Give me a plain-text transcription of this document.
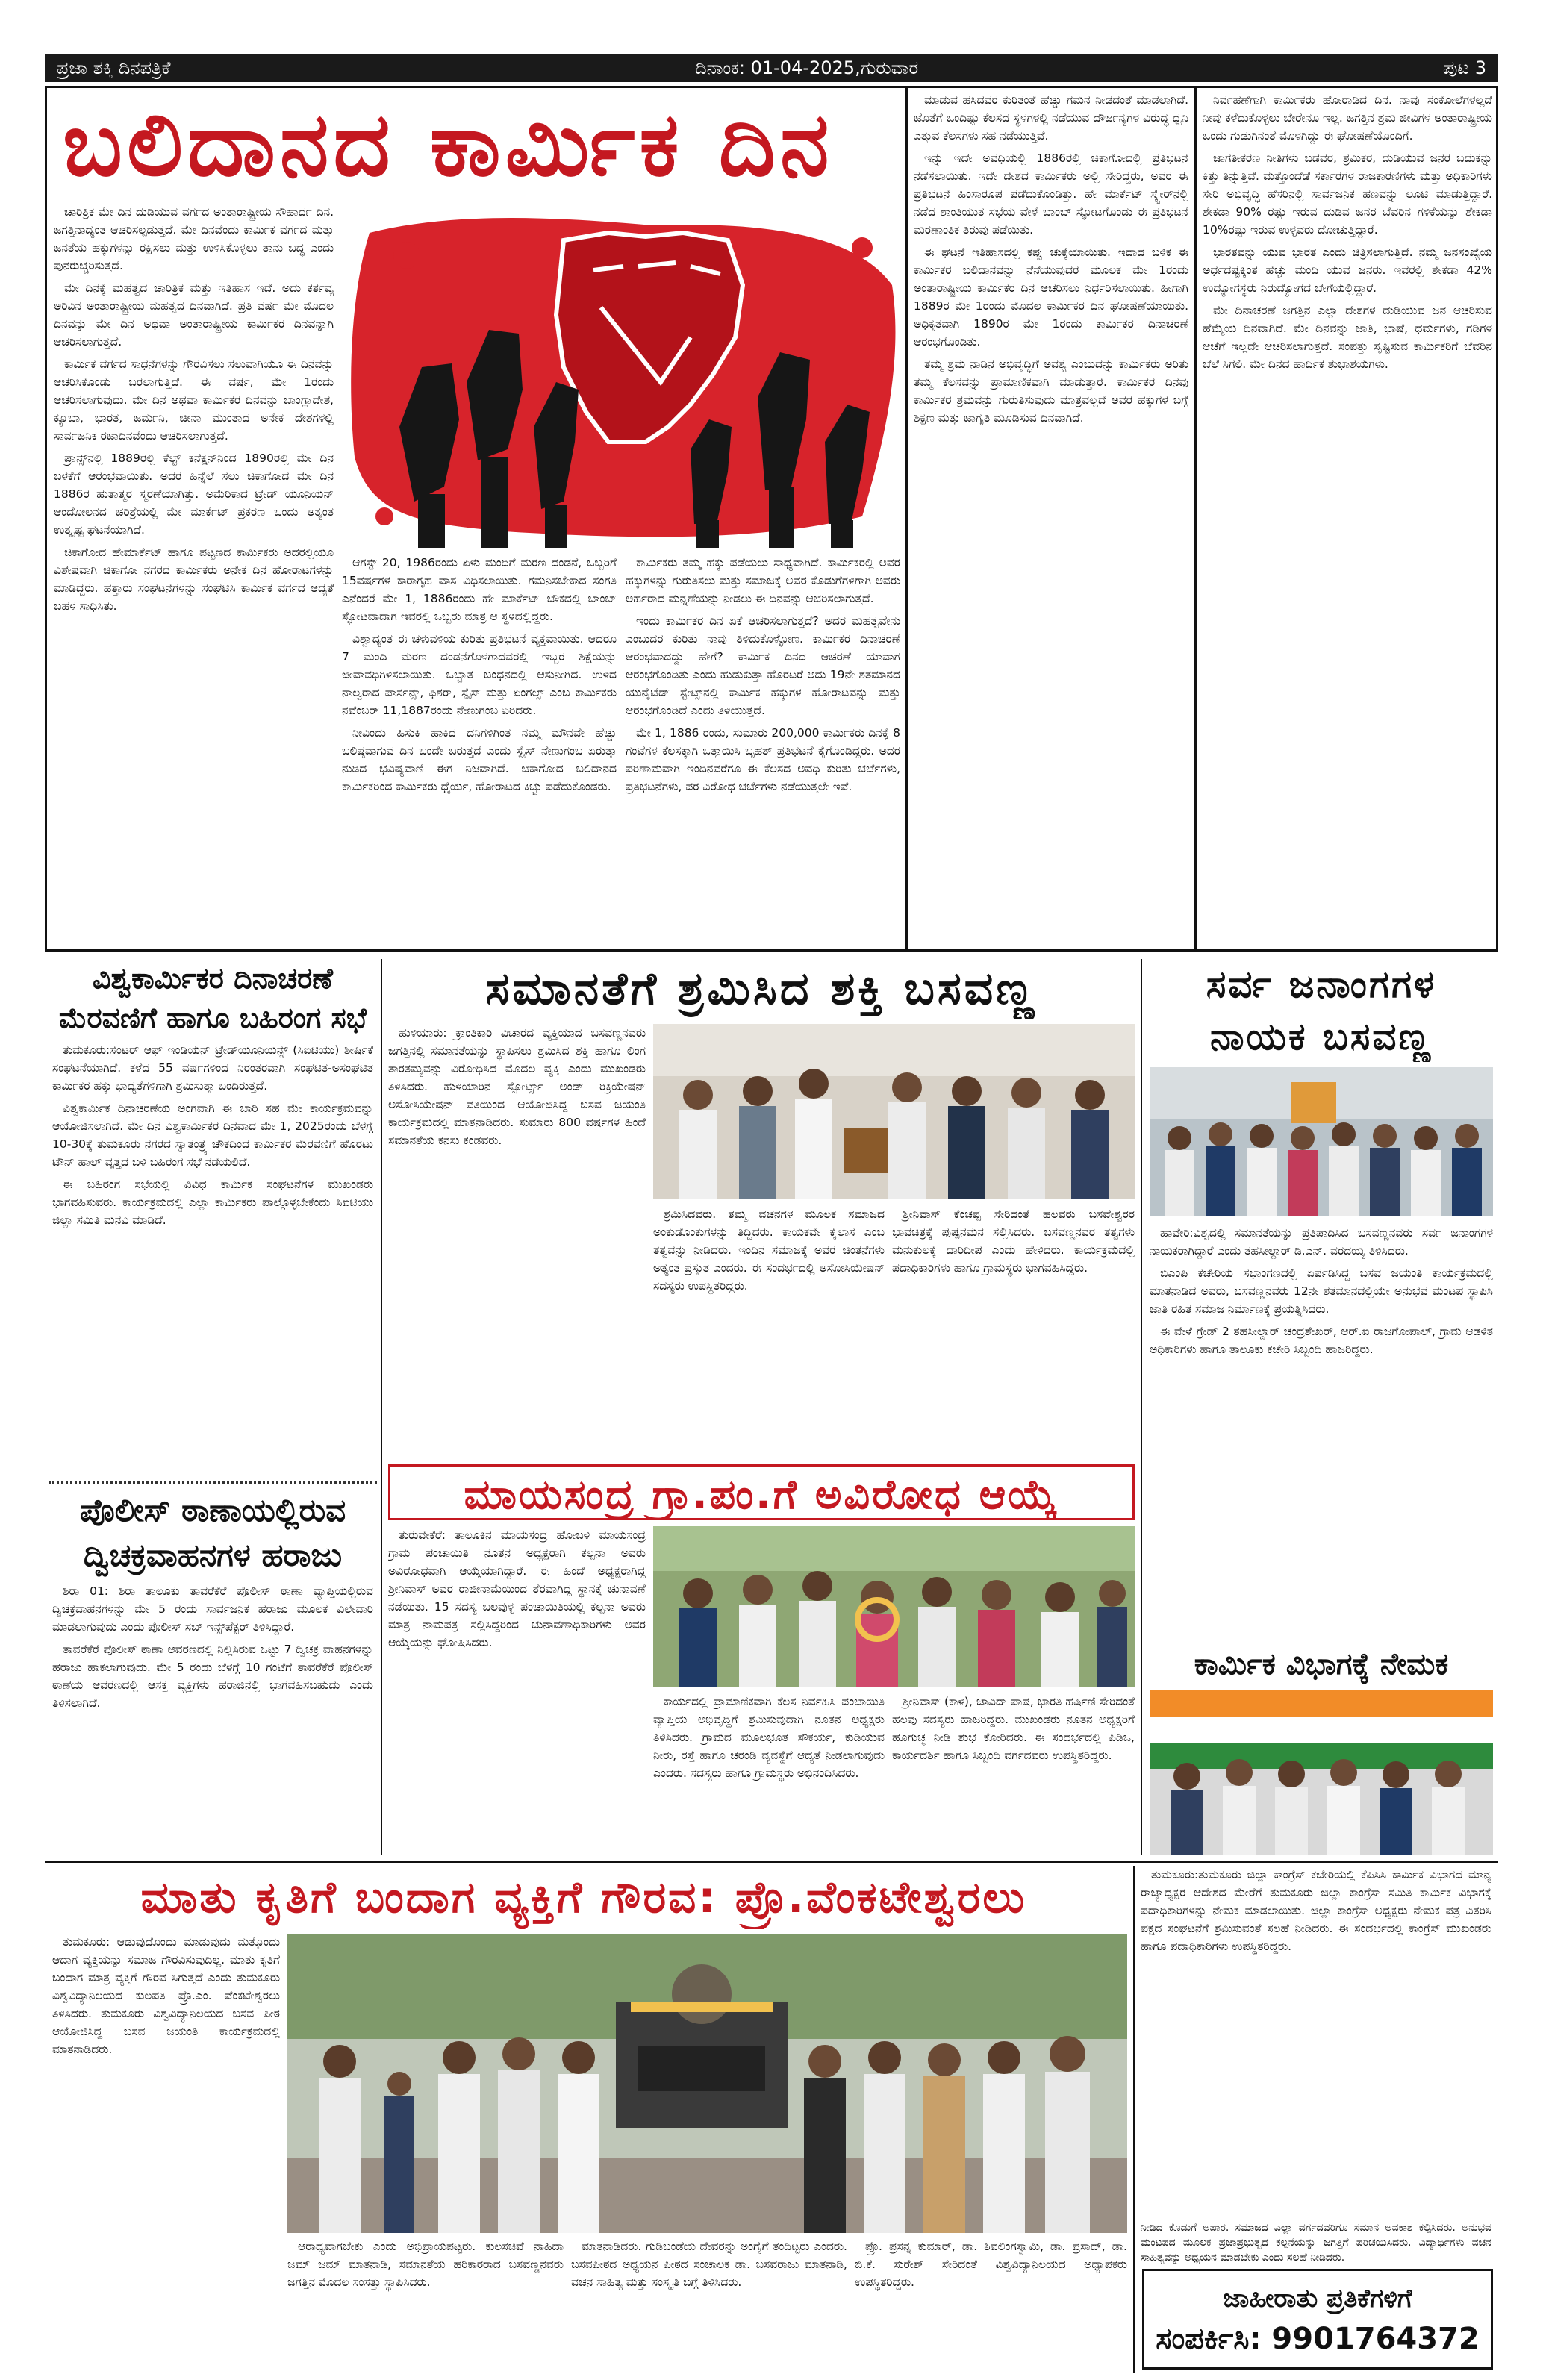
ಪ್ರಜಾ ಶಕ್ತಿ ದಿನಪತ್ರಿಕೆ	ದಿನಾಂಕ: 01-04-2025,ಗುರುವಾರ	ಪುಟ 3
ಬಲಿದಾನದ ಕಾರ್ಮಿಕ ದಿನ

ಚಾರಿತ್ರಿಕ ಮೇ ದಿನ ದುಡಿಯುವ ವರ್ಗದ ಅಂತಾರಾಷ್ಟ್ರೀಯ ಸೌಹಾರ್ದ ದಿನ. ಜಗತ್ತಿನಾದ್ಯಂತ ಆಚರಿಸಲ್ಪಡುತ್ತದೆ. ಮೇ ದಿನವೆಂದು ಕಾರ್ಮಿಕ ವರ್ಗದ ಮತ್ತು ಜನತೆಯ ಹಕ್ಕುಗಳನ್ನು ರಕ್ಷಿಸಲು ಮತ್ತು ಉಳಿಸಿಕೊಳ್ಳಲು ತಾನು ಬದ್ಧ ಎಂದು ಪುನರುಚ್ಚರಿಸುತ್ತದೆ.

ಮೇ ದಿನಕ್ಕೆ ಮಹತ್ವದ ಚಾರಿತ್ರಿಕ ಮತ್ತು ಇತಿಹಾಸ ಇದೆ. ಅದು ಕರ್ತವ್ಯ ಅರಿವಿನ ಅಂತಾರಾಷ್ಟ್ರೀಯ ಮಹತ್ವದ ದಿನವಾಗಿದೆ. ಪ್ರತಿ ವರ್ಷ ಮೇ ಮೊದಲ ದಿನವನ್ನು ಮೇ ದಿನ ಅಥವಾ ಅಂತಾರಾಷ್ಟ್ರೀಯ ಕಾರ್ಮಿಕರ ದಿನವನ್ನಾಗಿ ಆಚರಿಸಲಾಗುತ್ತದೆ.

ಕಾರ್ಮಿಕ ವರ್ಗದ ಸಾಧನೆಗಳನ್ನು ಗೌರವಿಸಲು ಸಲುವಾಗಿಯೂ ಈ ದಿನವನ್ನು ಆಚರಿಸಿಕೊಂಡು ಬರಲಾಗುತ್ತಿದೆ. ಈ ವರ್ಷ, ಮೇ 1ರಂದು ಆಚರಿಸಲಾಗುವುದು. ಮೇ ದಿನ ಅಥವಾ ಕಾರ್ಮಿಕರ ದಿನವನ್ನು ಬಾಂಗ್ಲಾದೇಶ, ಕ್ಯೂಬಾ, ಭಾರತ, ಜರ್ಮನಿ, ಚೀನಾ ಮುಂತಾದ ಅನೇಕ ದೇಶಗಳಲ್ಲಿ ಸಾರ್ವಜನಿಕ ರಜಾದಿನವೆಂದು ಆಚರಿಸಲಾಗುತ್ತದೆ.

ಪ್ರಾನ್ಸ್‌ನಲ್ಲಿ 1889ರಲ್ಲಿ ಕೆಲ್ಟ್ ಕನೆಕ್ಷನ್‌ನಿಂದ 1890ರಲ್ಲಿ ಮೇ ದಿನ ಬಳಕೆಗೆ ಆರಂಭವಾಯಿತು. ಅದರ ಹಿನ್ನೆಲೆ ಸಲು ಚಿಕಾಗೋದ ಮೇ ದಿನ 1886ರ ಹುತಾತ್ಮರ ಸ್ಮರಣೆಯಾಗಿತ್ತು. ಅಮೆರಿಕಾದ ಟ್ರೇಡ್ ಯೂನಿಯನ್ ಆಂದೋಲನದ ಚರಿತ್ರೆಯಲ್ಲಿ ಮೇ ಮಾರ್ಕೆಟ್ ಪ್ರಕರಣ ಒಂದು ಅತ್ಯಂತ ಉತ್ಕೃಷ್ಟ ಘಟನೆಯಾಗಿದೆ.

ಚಿಕಾಗೋದ ಹೇಮಾರ್ಕೆಟ್ ಹಾಗೂ ಪಟ್ಟಣದ ಕಾರ್ಮಿಕರು ಅದರಲ್ಲಿಯೂ ವಿಶೇಷವಾಗಿ ಚಿಕಾಗೋ ನಗರದ ಕಾರ್ಮಿಕರು ಅನೇಕ ದಿನ ಹೋರಾಟಗಳನ್ನು ಮಾಡಿದ್ದರು. ಹತ್ತಾರು ಸಂಘಟನೆಗಳನ್ನು ಸಂಘಟಿಸಿ ಕಾರ್ಮಿಕ ವರ್ಗದ ಆದ್ಯತೆ ಬಹಳ ಸಾಧಿಸಿತು.

ಆಗಸ್ಟ್ 20, 1986ರಂದು ಏಳು ಮಂದಿಗೆ ಮರಣ ದಂಡನೆ, ಒಬ್ಬರಿಗೆ 15ವರ್ಷಗಳ ಕಾರಾಗೃಹ ವಾಸ ವಿಧಿಸಲಾಯಿತು. ಗಮನಿಸಬೇಕಾದ ಸಂಗತಿ ಎನೆಂದರೆ ಮೇ 1, 1886ರಂದು ಹೇ ಮಾರ್ಕೆಟ್ ಚೌಕದಲ್ಲಿ ಬಾಂಬ್ ಸ್ಫೋಟವಾದಾಗ ಇವರಲ್ಲಿ ಒಬ್ಬರು ಮಾತ್ರ ಆ ಸ್ಥಳದಲ್ಲಿದ್ದರು.

ವಿಶ್ವಾದ್ಯಂತ ಈ ಚಳುವಳಿಯ ಕುರಿತು ಪ್ರತಿಭಟನೆ ವ್ಯಕ್ತವಾಯಿತು. ಆದರೂ 7 ಮಂದಿ ಮರಣ ದಂಡನೆಗೊಳಗಾದವರಲ್ಲಿ ಇಬ್ಬರ ಶಿಕ್ಷೆಯನ್ನು ಜೀವಾವಧಿಗಿಳಿಸಲಾಯಿತು. ಒಬ್ಬಾತ ಬಂಧನದಲ್ಲಿ ಆಸುನೀಗಿದ. ಉಳಿದ ನಾಲ್ವರಾದ ಪಾರ್ಸನ್ಸ್, ಫಿಶರ್, ಸ್ಪೈಸ್ ಮತ್ತು ಏಂಗಲ್ಸ್ ಎಂಬ ಕಾರ್ಮಿಕರು ನವೆಂಬರ್ 11,1887ರಂದು ನೇಣುಗಂಬ ಏರಿದರು.

ನೀವಿಂದು ಹಿಸುಕಿ ಹಾಕಿದ ದನಿಗಳಿಗಿಂತ ನಮ್ಮ ಮೌನವೇ ಹೆಚ್ಚು ಬಲಿಷ್ಠವಾಗುವ ದಿನ ಬಂದೇ ಬರುತ್ತದೆ ಎಂದು ಸ್ಪೈಸ್ ನೇಣುಗಂಬ ಏರುತ್ತಾ ನುಡಿದ ಭವಿಷ್ಯವಾಣಿ ಈಗ ನಿಜವಾಗಿದೆ. ಚಿಕಾಗೋದ ಬಲಿದಾನದ ಕಾರ್ಮಿಕರಿಂದ ಕಾರ್ಮಿಕರು ಧೈರ್ಯ, ಹೋರಾಟದ ಕಿಚ್ಚು ಪಡೆದುಕೊಂಡರು.

ಕಾರ್ಮಿಕರು ತಮ್ಮ ಹಕ್ಕು ಪಡೆಯಲು ಸಾಧ್ಯವಾಗಿದೆ. ಕಾರ್ಮಿಕರಲ್ಲಿ ಅವರ ಹಕ್ಕುಗಳನ್ನು ಗುರುತಿಸಲು ಮತ್ತು ಸಮಾಜಕ್ಕೆ ಅವರ ಕೊಡುಗೆಗಳಿಗಾಗಿ ಅವರು ಅರ್ಹರಾದ ಮನ್ನಣೆಯನ್ನು ನೀಡಲು ಈ ದಿನವನ್ನು ಆಚರಿಸಲಾಗುತ್ತದೆ.

ಇಂದು ಕಾರ್ಮಿಕರ ದಿನ ಏಕೆ ಆಚರಿಸಲಾಗುತ್ತದೆ? ಅದರ ಮಹತ್ವವೇನು ಎಂಬುದರ ಕುರಿತು ನಾವು ತಿಳಿದುಕೊಳ್ಳೋಣ. ಕಾರ್ಮಿಕರ ದಿನಾಚರಣೆ ಆರಂಭವಾದದ್ದು ಹೇಗೆ? ಕಾರ್ಮಿಕ ದಿನದ ಆಚರಣೆ ಯಾವಾಗ ಆರಂಭಗೊಂಡಿತು ಎಂದು ಹುಡುಕುತ್ತಾ ಹೊರಟರೆ ಅದು 19ನೇ ಶತಮಾನದ ಯುನೈಟೆಡ್ ಸ್ಟೇಟ್ಸ್‌ನಲ್ಲಿ ಕಾರ್ಮಿಕ ಹಕ್ಕುಗಳ ಹೋರಾಟವನ್ನು ಮತ್ತು ಆರಂಭಗೊಂಡಿದೆ ಎಂದು ತಿಳಿಯುತ್ತದೆ.

ಮೇ 1, 1886 ರಂದು, ಸುಮಾರು 200,000 ಕಾರ್ಮಿಕರು ದಿನಕ್ಕೆ 8 ಗಂಟೆಗಳ ಕೆಲಸಕ್ಕಾಗಿ ಒತ್ತಾಯಿಸಿ ಬೃಹತ್ ಪ್ರತಿಭಟನೆ ಕೈಗೊಂಡಿದ್ದರು. ಅದರ ಪರಿಣಾಮವಾಗಿ ಇಂದಿನವರೆಗೂ ಈ ಕೆಲಸದ ಅವಧಿ ಕುರಿತು ಚರ್ಚೆಗಳು, ಪ್ರತಿಭಟನೆಗಳು, ಪರ ವಿರೋಧ ಚರ್ಚೆಗಳು ನಡೆಯುತ್ತಲೇ ಇವೆ.

ಮಾಡುವ ಹಸಿದವರ ಕುರಿತಂತೆ ಹೆಚ್ಚು ಗಮನ ನೀಡದಂತೆ ಮಾಡಲಾಗಿದೆ. ಜೊತೆಗೆ ಒಂದಿಷ್ಟು ಕೆಲಸದ ಸ್ಥಳಗಳಲ್ಲಿ ನಡೆಯುವ ದೌರ್ಜನ್ಯಗಳ ವಿರುದ್ಧ ಧ್ವನಿ ಎತ್ತುವ ಕೆಲಸಗಳು ಸಹ ನಡೆಯುತ್ತಿವೆ.

ಇನ್ನು ಇದೇ ಅವಧಿಯಲ್ಲಿ 1886ರಲ್ಲಿ ಚಿಕಾಗೋದಲ್ಲಿ ಪ್ರತಿಭಟನೆ ನಡೆಸಲಾಯಿತು. ಇದೇ ದೇಶದ ಕಾರ್ಮಿಕರು ಅಲ್ಲಿ ಸೇರಿದ್ದರು, ಅವರ ಈ ಪ್ರತಿಭಟನೆ ಹಿಂಸಾರೂಪ ಪಡೆದುಕೊಂಡಿತ್ತು. ಹೇ ಮಾರ್ಕೆಟ್ ಸ್ಕ್ವೇರ್‌ನಲ್ಲಿ ನಡೆದ ಶಾಂತಿಯುತ ಸಭೆಯ ವೇಳೆ ಬಾಂಬ್ ಸ್ಫೋಟಗೊಂಡು ಈ ಪ್ರತಿಭಟನೆ ಮರಣಾಂತಿಕ ತಿರುವು ಪಡೆಯಿತು.

ಈ ಘಟನೆ ಇತಿಹಾಸದಲ್ಲಿ ಕಪ್ಪು ಚುಕ್ಕೆಯಾಯಿತು. ಇದಾದ ಬಳಿಕ ಈ ಕಾರ್ಮಿಕರ ಬಲಿದಾನವನ್ನು ನೆನೆಯುವುದರ ಮೂಲಕ ಮೇ 1ರಂದು ಅಂತಾರಾಷ್ಟ್ರೀಯ ಕಾರ್ಮಿಕರ ದಿನ ಆಚರಿಸಲು ನಿರ್ಧರಿಸಲಾಯಿತು. ಹೀಗಾಗಿ 1889ರ ಮೇ 1ರಂದು ಮೊದಲ ಕಾರ್ಮಿಕರ ದಿನ ಘೋಷಣೆಯಾಯಿತು. ಅಧಿಕೃತವಾಗಿ 1890ರ ಮೇ 1ರಂದು ಕಾರ್ಮಿಕರ ದಿನಾಚರಣೆ ಆರಂಭಗೊಂಡಿತು.

ತಮ್ಮ ಶ್ರಮ ನಾಡಿನ ಅಭಿವೃದ್ಧಿಗೆ ಅವಶ್ಯ ಎಂಬುದನ್ನು ಕಾರ್ಮಿಕರು ಅರಿತು ತಮ್ಮ ಕೆಲಸವನ್ನು ಪ್ರಾಮಾಣಿಕವಾಗಿ ಮಾಡುತ್ತಾರೆ. ಕಾರ್ಮಿಕರ ದಿನವು ಕಾರ್ಮಿಕರ ಶ್ರಮವನ್ನು ಗುರುತಿಸುವುದು ಮಾತ್ರವಲ್ಲದೆ ಅವರ ಹಕ್ಕುಗಳ ಬಗ್ಗೆ ಶಿಕ್ಷಣ ಮತ್ತು ಜಾಗೃತಿ ಮೂಡಿಸುವ ದಿನವಾಗಿದೆ.

ನಿರ್ವಹಣೆಗಾಗಿ ಕಾರ್ಮಿಕರು ಹೋರಾಡಿದ ದಿನ. ನಾವು ಸಂಕೋಲೆಗಳಲ್ಲದೆ ನೀವು ಕಳೆದುಕೊಳ್ಳಲು ಬೇರೇನೂ ಇಲ್ಲ. ಜಗತ್ತಿನ ಶ್ರಮ ಜೀವಿಗಳ ಅಂತಾರಾಷ್ಟ್ರೀಯ ಒಂದು ಗುಡುಗಿನಂತೆ ಮೊಳಗಿದ್ದು ಈ ಘೋಷಣೆಯೊಂದಿಗೆ.

ಜಾಗತೀಕರಣ ನೀತಿಗಳು ಬಡವರ, ಶ್ರಮಿಕರ, ದುಡಿಯುವ ಜನರ ಬದುಕನ್ನು ಕಿತ್ತು ತಿನ್ನುತ್ತಿವೆ. ಮತ್ತೊಂದೆಡೆ ಸರ್ಕಾರಗಳ ರಾಜಕಾರಣಿಗಳು ಮತ್ತು ಅಧಿಕಾರಿಗಳು ಸೇರಿ ಅಭಿವೃದ್ಧಿ ಹೆಸರಿನಲ್ಲಿ ಸಾರ್ವಜನಿಕ ಹಣವನ್ನು ಲೂಟಿ ಮಾಡುತ್ತಿದ್ದಾರೆ. ಶೇಕಡಾ 90% ರಷ್ಟು ಇರುವ ದುಡಿವ ಜನರ ಬೆವರಿನ ಗಳಿಕೆಯನ್ನು ಶೇಕಡಾ 10%ರಷ್ಟು ಇರುವ ಉಳ್ಳವರು ದೋಚುತ್ತಿದ್ದಾರೆ.

ಭಾರತವನ್ನು ಯುವ ಭಾರತ ಎಂದು ಚಿತ್ರಿಸಲಾಗುತ್ತಿದೆ. ನಮ್ಮ ಜನಸಂಖ್ಯೆಯ ಅರ್ಧದಷ್ಟಕ್ಕಿಂತ ಹೆಚ್ಚು ಮಂದಿ ಯುವ ಜನರು. ಇವರಲ್ಲಿ ಶೇಕಡಾ 42% ಉದ್ಯೋಗಸ್ಥರು ನಿರುದ್ಯೋಗದ ಬೇಗೆಯಲ್ಲಿದ್ದಾರೆ.

ಮೇ ದಿನಾಚರಣೆ ಜಗತ್ತಿನ ಎಲ್ಲಾ ದೇಶಗಳ ದುಡಿಯುವ ಜನ ಆಚರಿಸುವ ಹೆಮ್ಮೆಯ ದಿನವಾಗಿದೆ. ಮೇ ದಿನವನ್ನು ಜಾತಿ, ಭಾಷೆ, ಧರ್ಮಗಳು, ಗಡಿಗಳ ಆಚೆಗೆ ಇಲ್ಲದೇ ಆಚರಿಸಲಾಗುತ್ತದೆ. ಸಂಪತ್ತು ಸೃಷ್ಟಿಸುವ ಕಾರ್ಮಿಕರಿಗೆ ಬೆವರಿನ ಬೆಲೆ ಸಿಗಲಿ. ಮೇ ದಿನದ ಹಾರ್ದಿಕ ಶುಭಾಶಯಗಳು.

ವಿಶ್ವಕಾರ್ಮಿಕರ ದಿನಾಚರಣೆ
ಮೆರವಣಿಗೆ ಹಾಗೂ ಬಹಿರಂಗ ಸಭೆ

ತುಮಕೂರು:ಸೆಂಟರ್ ಆಫ್ ಇಂಡಿಯನ್ ಟ್ರೇಡ್‌ಯೂನಿಯನ್ಸ್ (ಸಿಐಟಿಯು) ಶೀರ್ಷಿಕೆ ಸಂಘಟನೆಯಾಗಿದೆ. ಕಳೆದ 55 ವರ್ಷಗಳಿಂದ ನಿರಂತರವಾಗಿ ಸಂಘಟಿತ-ಅಸಂಘಟಿತ ಕಾರ್ಮಿಕರ ಹಕ್ಕು ಭಾದ್ಯತೆಗಳಿಗಾಗಿ ಶ್ರಮಿಸುತ್ತಾ ಬಂದಿರುತ್ತದೆ.

ವಿಶ್ವಕಾರ್ಮಿಕ ದಿನಾಚರಣೆಯ ಅಂಗವಾಗಿ ಈ ಬಾರಿ ಸಹ ಮೇ ಕಾರ್ಯಕ್ರಮವನ್ನು ಆಯೋಜಿಸಲಾಗಿದೆ. ಮೇ ದಿನ ವಿಶ್ವಕಾರ್ಮಿಕರ ದಿನವಾದ ಮೇ 1, 2025ರಂದು ಬೆಳಗ್ಗೆ 10-30ಕ್ಕೆ ತುಮಕೂರು ನಗರದ ಸ್ವಾತಂತ್ರ್ಯ ಚೌಕದಿಂದ ಕಾರ್ಮಿಕರ ಮೆರವಣಿಗೆ ಹೊರಟು ಟೌನ್ ಹಾಲ್ ವೃತ್ತದ ಬಳಿ ಬಹಿರಂಗ ಸಭೆ ನಡೆಯಲಿದೆ.

ಈ ಬಹಿರಂಗ ಸಭೆಯಲ್ಲಿ ವಿವಿಧ ಕಾರ್ಮಿಕ ಸಂಘಟನೆಗಳ ಮುಖಂಡರು ಭಾಗವಹಿಸುವರು. ಕಾರ್ಯಕ್ರಮದಲ್ಲಿ ಎಲ್ಲಾ ಕಾರ್ಮಿಕರು ಪಾಲ್ಗೊಳ್ಳಬೇಕೆಂದು ಸಿಐಟಿಯು ಜಿಲ್ಲಾ ಸಮಿತಿ ಮನವಿ ಮಾಡಿದೆ.

ಪೊಲೀಸ್ ಠಾಣಾಯಲ್ಲಿರುವ
ದ್ವಿಚಕ್ರವಾಹನಗಳ ಹರಾಜು

ಶಿರಾ 01: ಶಿರಾ ತಾಲೂಕು ತಾವರೆಕೆರೆ ಪೊಲೀಸ್ ಠಾಣಾ ವ್ಯಾಪ್ತಿಯಲ್ಲಿರುವ ದ್ವಿಚಕ್ರವಾಹನಗಳನ್ನು ಮೇ 5 ರಂದು ಸಾರ್ವಜನಿಕ ಹರಾಜು ಮೂಲಕ ವಿಲೇವಾರಿ ಮಾಡಲಾಗುವುದು ಎಂದು ಪೊಲೀಸ್ ಸಬ್ ಇನ್ಸ್‌ಪೆಕ್ಟರ್ ತಿಳಿಸಿದ್ದಾರೆ.

ತಾವರೆಕೆರೆ ಪೊಲೀಸ್ ಠಾಣಾ ಆವರಣದಲ್ಲಿ ನಿಲ್ಲಿಸಿರುವ ಒಟ್ಟು 7 ದ್ವಿಚಕ್ರ ವಾಹನಗಳನ್ನು ಹರಾಜು ಹಾಕಲಾಗುವುದು. ಮೇ 5 ರಂದು ಬೆಳಗ್ಗೆ 10 ಗಂಟೆಗೆ ತಾವರೆಕೆರೆ ಪೊಲೀಸ್ ಠಾಣೆಯ ಆವರಣದಲ್ಲಿ ಆಸಕ್ತ ವ್ಯಕ್ತಿಗಳು ಹರಾಜಿನಲ್ಲಿ ಭಾಗವಹಿಸಬಹುದು ಎಂದು ತಿಳಿಸಲಾಗಿದೆ.

ಸಮಾನತೆಗೆ ಶ್ರಮಿಸಿದ ಶಕ್ತಿ ಬಸವಣ್ಣ

ಹುಳಿಯಾರು: ಕ್ರಾಂತಿಕಾರಿ ವಿಚಾರದ ವ್ಯಕ್ತಿಯಾದ ಬಸವಣ್ಣನವರು ಜಗತ್ತಿನಲ್ಲಿ ಸಮಾನತೆಯನ್ನು ಸ್ಥಾಪಿಸಲು ಶ್ರಮಿಸಿದ ಶಕ್ತಿ ಹಾಗೂ ಲಿಂಗ ತಾರತಮ್ಯವನ್ನು ವಿರೋಧಿಸಿದ ಮೊದಲ ವ್ಯಕ್ತಿ ಎಂದು ಮುಖಂಡರು ತಿಳಿಸಿದರು. ಹುಳಿಯಾರಿನ ಸ್ಪೋರ್ಟ್ಸ್ ಅಂಡ್ ರಿಕ್ರಿಯೇಷನ್ ಅಸೋಸಿಯೇಷನ್ ವತಿಯಿಂದ ಆಯೋಜಿಸಿದ್ದ ಬಸವ ಜಯಂತಿ ಕಾರ್ಯಕ್ರಮದಲ್ಲಿ ಮಾತನಾಡಿದರು. ಸುಮಾರು 800 ವರ್ಷಗಳ ಹಿಂದೆ ಸಮಾನತೆಯ ಕನಸು ಕಂಡವರು.

ಶ್ರಮಿಸಿದವರು. ತಮ್ಮ ವಚನಗಳ ಮೂಲಕ ಸಮಾಜದ ಅಂಕುಡೊಂಕುಗಳನ್ನು ತಿದ್ದಿದರು. ಕಾಯಕವೇ ಕೈಲಾಸ ಎಂಬ ತತ್ವವನ್ನು ನೀಡಿದರು. ಇಂದಿನ ಸಮಾಜಕ್ಕೆ ಅವರ ಚಿಂತನೆಗಳು ಅತ್ಯಂತ ಪ್ರಸ್ತುತ ಎಂದರು. ಈ ಸಂದರ್ಭದಲ್ಲಿ ಅಸೋಸಿಯೇಷನ್ ಸದಸ್ಯರು ಉಪಸ್ಥಿತರಿದ್ದರು.

ಶ್ರೀನಿವಾಸ್ ಕೆಂಚಪ್ಪ ಸೇರಿದಂತೆ ಹಲವರು ಬಸವೇಶ್ವರರ ಭಾವಚಿತ್ರಕ್ಕೆ ಪುಷ್ಪನಮನ ಸಲ್ಲಿಸಿದರು. ಬಸವಣ್ಣನವರ ತತ್ವಗಳು ಮನುಕುಲಕ್ಕೆ ದಾರಿದೀಪ ಎಂದು ಹೇಳಿದರು. ಕಾರ್ಯಕ್ರಮದಲ್ಲಿ ಪದಾಧಿಕಾರಿಗಳು ಹಾಗೂ ಗ್ರಾಮಸ್ಥರು ಭಾಗವಹಿಸಿದ್ದರು.

ಮಾಯಸಂದ್ರ ಗ್ರಾ.ಪಂ.ಗೆ ಅವಿರೋಧ ಆಯ್ಕೆ

ತುರುವೇಕೆರೆ: ತಾಲೂಕಿನ ಮಾಯಸಂದ್ರ ಹೋಬಳಿ ಮಾಯಸಂದ್ರ ಗ್ರಾಮ ಪಂಚಾಯಿತಿ ನೂತನ ಅಧ್ಯಕ್ಷರಾಗಿ ಕಲ್ಪನಾ ಅವರು ಅವಿರೋಧವಾಗಿ ಆಯ್ಕೆಯಾಗಿದ್ದಾರೆ. ಈ ಹಿಂದೆ ಅಧ್ಯಕ್ಷರಾಗಿದ್ದ ಶ್ರೀನಿವಾಸ್ ಅವರ ರಾಜೀನಾಮೆಯಿಂದ ತೆರವಾಗಿದ್ದ ಸ್ಥಾನಕ್ಕೆ ಚುನಾವಣೆ ನಡೆಯಿತು. 15 ಸದಸ್ಯ ಬಲವುಳ್ಳ ಪಂಚಾಯಿತಿಯಲ್ಲಿ ಕಲ್ಪನಾ ಅವರು ಮಾತ್ರ ನಾಮಪತ್ರ ಸಲ್ಲಿಸಿದ್ದರಿಂದ ಚುನಾವಣಾಧಿಕಾರಿಗಳು ಅವರ ಆಯ್ಕೆಯನ್ನು ಘೋಷಿಸಿದರು.

ಕಾರ್ಯದಲ್ಲಿ ಪ್ರಾಮಾಣಿಕವಾಗಿ ಕೆಲಸ ನಿರ್ವಹಿಸಿ ಪಂಚಾಯಿತಿ ವ್ಯಾಪ್ತಿಯ ಅಭಿವೃದ್ಧಿಗೆ ಶ್ರಮಿಸುವುದಾಗಿ ನೂತನ ಅಧ್ಯಕ್ಷರು ತಿಳಿಸಿದರು. ಗ್ರಾಮದ ಮೂಲಭೂತ ಸೌಕರ್ಯ, ಕುಡಿಯುವ ನೀರು, ರಸ್ತೆ ಹಾಗೂ ಚರಂಡಿ ವ್ಯವಸ್ಥೆಗೆ ಆದ್ಯತೆ ನೀಡಲಾಗುವುದು ಎಂದರು. ಸದಸ್ಯರು ಹಾಗೂ ಗ್ರಾಮಸ್ಥರು ಅಭಿನಂದಿಸಿದರು.

ಶ್ರೀನಿವಾಸ್ (ಕಾಳಿ), ಜಾವಿದ್ ಪಾಷ, ಭಾರತಿ ಹರ್ಷಿಣಿ ಸೇರಿದಂತೆ ಹಲವು ಸದಸ್ಯರು ಹಾಜರಿದ್ದರು. ಮುಖಂಡರು ನೂತನ ಅಧ್ಯಕ್ಷರಿಗೆ ಹೂಗುಚ್ಛ ನೀಡಿ ಶುಭ ಕೋರಿದರು. ಈ ಸಂದರ್ಭದಲ್ಲಿ ಪಿಡಿಒ, ಕಾರ್ಯದರ್ಶಿ ಹಾಗೂ ಸಿಬ್ಬಂದಿ ವರ್ಗದವರು ಉಪಸ್ಥಿತರಿದ್ದರು.

ಸರ್ವ ಜನಾಂಗಗಳ
ನಾಯಕ ಬಸವಣ್ಣ

ಹಾವೇರಿ:ವಿಶ್ವದಲ್ಲಿ ಸಮಾನತೆಯನ್ನು ಪ್ರತಿಪಾದಿಸಿದ ಬಸವಣ್ಣನವರು ಸರ್ವ ಜನಾಂಗಗಳ ನಾಯಕರಾಗಿದ್ದಾರೆ ಎಂದು ತಹಸೀಲ್ದಾರ್ ಡಿ.ಎನ್. ವರದಯ್ಯ ತಿಳಿಸಿದರು.

ಬಿಎಂಪಿ ಕಚೇರಿಯ ಸಭಾಂಗಣದಲ್ಲಿ ಏರ್ಪಡಿಸಿದ್ದ ಬಸವ ಜಯಂತಿ ಕಾರ್ಯಕ್ರಮದಲ್ಲಿ ಮಾತನಾಡಿದ ಅವರು, ಬಸವಣ್ಣನವರು 12ನೇ ಶತಮಾನದಲ್ಲಿಯೇ ಅನುಭವ ಮಂಟಪ ಸ್ಥಾಪಿಸಿ ಜಾತಿ ರಹಿತ ಸಮಾಜ ನಿರ್ಮಾಣಕ್ಕೆ ಪ್ರಯತ್ನಿಸಿದರು.

ಈ ವೇಳೆ ಗ್ರೇಡ್ 2 ತಹಸೀಲ್ದಾರ್ ಚಂದ್ರಶೇಖರ್, ಆರ್.ಐ ರಾಜಗೋಪಾಲ್, ಗ್ರಾಮ ಆಡಳಿತ ಅಧಿಕಾರಿಗಳು ಹಾಗೂ ತಾಲೂಕು ಕಚೇರಿ ಸಿಬ್ಬಂದಿ ಹಾಜರಿದ್ದರು.

ಕಾರ್ಮಿಕ ವಿಭಾಗಕ್ಕೆ ನೇಮಕ
ಮಾತು ಕೃತಿಗೆ ಬಂದಾಗ ವ್ಯಕ್ತಿಗೆ ಗೌರವ: ಪ್ರೊ.ವೆಂಕಟೇಶ್ವರಲು

ತುಮಕೂರು: ಆಡುವುದೊಂದು ಮಾಡುವುದು ಮತ್ತೊಂದು ಆದಾಗ ವ್ಯಕ್ತಿಯನ್ನು ಸಮಾಜ ಗೌರವಿಸುವುದಿಲ್ಲ. ಮಾತು ಕೃತಿಗೆ ಬಂದಾಗ ಮಾತ್ರ ವ್ಯಕ್ತಿಗೆ ಗೌರವ ಸಿಗುತ್ತದೆ ಎಂದು ತುಮಕೂರು ವಿಶ್ವವಿದ್ಯಾನಿಲಯದ ಕುಲಪತಿ ಪ್ರೊ.ಎಂ. ವೆಂಕಟೇಶ್ವರಲು ತಿಳಿಸಿದರು. ತುಮಕೂರು ವಿಶ್ವವಿದ್ಯಾನಿಲಯದ ಬಸವ ಪೀಠ ಆಯೋಜಿಸಿದ್ದ ಬಸವ ಜಯಂತಿ ಕಾರ್ಯಕ್ರಮದಲ್ಲಿ ಮಾತನಾಡಿದರು.

ಆರಾಧ್ಯವಾಗಬೇಕು ಎಂದು ಅಭಿಪ್ರಾಯಪಟ್ಟರು. ಕುಲಸಚಿವೆ ನಾಹಿದಾ ಜಮ್ ಜಮ್ ಮಾತನಾಡಿ, ಸಮಾನತೆಯ ಹರಿಕಾರರಾದ ಬಸವಣ್ಣನವರು ಜಗತ್ತಿನ ಮೊದಲ ಸಂಸತ್ತು ಸ್ಥಾಪಿಸಿದರು.

ಮಾತನಾಡಿದರು. ಗುಡಿಬಂಡೆಯ ದೇವರನ್ನು ಅಂಗೈಗೆ ತಂದಿಟ್ಟರು ಎಂದರು. ಬಸವಪೀಠದ ಅಧ್ಯಯನ ಪೀಠದ ಸಂಚಾಲಕ ಡಾ. ಬಸವರಾಜು ಮಾತನಾಡಿ, ವಚನ ಸಾಹಿತ್ಯ ಮತ್ತು ಸಂಸ್ಕೃತಿ ಬಗ್ಗೆ ತಿಳಿಸಿದರು.

ಪ್ರೊ. ಪ್ರಸನ್ನ ಕುಮಾರ್, ಡಾ. ಶಿವಲಿಂಗಸ್ವಾಮಿ, ಡಾ. ಪ್ರಸಾದ್, ಡಾ. ಬಿ.ಕೆ. ಸುರೇಶ್ ಸೇರಿದಂತೆ ವಿಶ್ವವಿದ್ಯಾನಿಲಯದ ಅಧ್ಯಾಪಕರು ಉಪಸ್ಥಿತರಿದ್ದರು.

ತುಮಕೂರು:ತುಮಕೂರು ಜಿಲ್ಲಾ ಕಾಂಗ್ರೆಸ್ ಕಚೇರಿಯಲ್ಲಿ ಕೆಪಿಸಿಸಿ ಕಾರ್ಮಿಕ ವಿಭಾಗದ ಮಾನ್ಯ ರಾಜ್ಯಾಧ್ಯಕ್ಷರ ಆದೇಶದ ಮೇರೆಗೆ ತುಮಕೂರು ಜಿಲ್ಲಾ ಕಾಂಗ್ರೆಸ್ ಸಮಿತಿ ಕಾರ್ಮಿಕ ವಿಭಾಗಕ್ಕೆ ಪದಾಧಿಕಾರಿಗಳನ್ನು ನೇಮಕ ಮಾಡಲಾಯಿತು. ಜಿಲ್ಲಾ ಕಾಂಗ್ರೆಸ್ ಅಧ್ಯಕ್ಷರು ನೇಮಕ ಪತ್ರ ವಿತರಿಸಿ ಪಕ್ಷದ ಸಂಘಟನೆಗೆ ಶ್ರಮಿಸುವಂತೆ ಸಲಹೆ ನೀಡಿದರು. ಈ ಸಂದರ್ಭದಲ್ಲಿ ಕಾಂಗ್ರೆಸ್ ಮುಖಂಡರು ಹಾಗೂ ಪದಾಧಿಕಾರಿಗಳು ಉಪಸ್ಥಿತರಿದ್ದರು.

ಜಾಹೀರಾತು ಪ್ರತಿಕೆಗಳಿಗೆ
ಸಂಪರ್ಕಿಸಿ: 9901764372
ನೀಡಿದ ಕೊಡುಗೆ ಅಪಾರ. ಸಮಾಜದ ಎಲ್ಲಾ ವರ್ಗದವರಿಗೂ ಸಮಾನ ಅವಕಾಶ ಕಲ್ಪಿಸಿದರು. ಅನುಭವ ಮಂಟಪದ ಮೂಲಕ ಪ್ರಜಾಪ್ರಭುತ್ವದ ಕಲ್ಪನೆಯನ್ನು ಜಗತ್ತಿಗೆ ಪರಿಚಯಿಸಿದರು. ವಿದ್ಯಾರ್ಥಿಗಳು ವಚನ ಸಾಹಿತ್ಯವನ್ನು ಅಧ್ಯಯನ ಮಾಡಬೇಕು ಎಂದು ಸಲಹೆ ನೀಡಿದರು.
